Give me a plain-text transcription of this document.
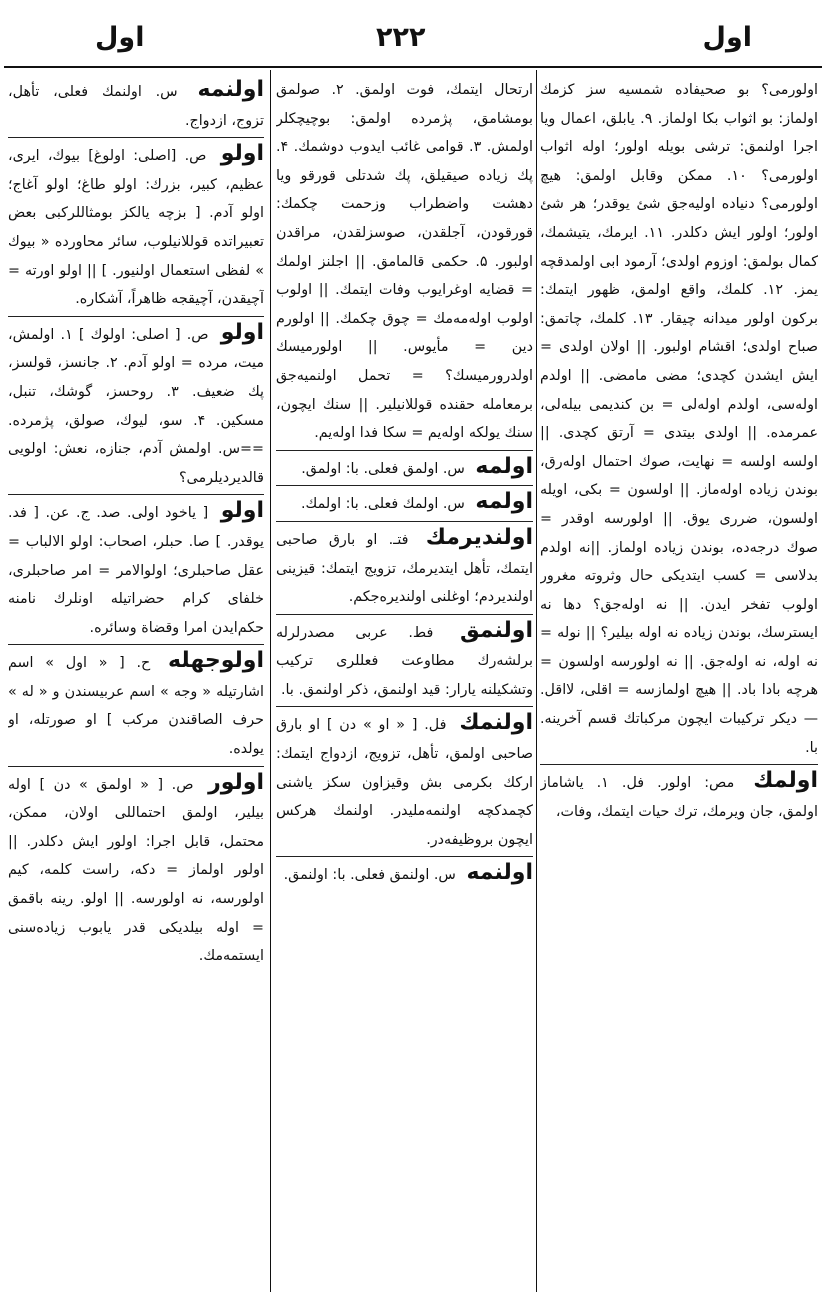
اول
۲۲۲
اول
اولورمى؟ بو صحيفاده شمسيه سز كزمك اولماز: بو اثواب بكا اولماز. ۹. يابلق، اعمال ويا اجرا اولنمق: ترشى بويله اولور؛ اوله اثواب اولورمى؟ ۱۰. ممكن وقابل اولمق: هيچ اولورمى؟ دنياده اوليه‌جق شئ يوقدر؛ هر شئ اولور؛ اولور ايش دكلدر. ۱۱. ايرمك، يتيشمك، كمال بولمق: اوزوم اولدى؛ آرمود ابى اولمدقچه يمز. ۱۲. كلمك، واقع اولمق، ظهور ايتمك: بركون اولور ميدانه چيقار. ۱۳. كلمك، چاتمق: صباح اولدى؛ اقشام اولبور. || اولان اولدى = ايش ايشدن كچدى؛ مضى مامضى. || اولدم اوله‌سى، اولدم اوله‌لى = بن كنديمى بيله‌لى، عمرمده. || اولدى بيتدى = آرتق كچدى. || اولسه اولسه = نهايت، صوك احتمال اوله‌رق، بوندن زياده اوله‌ماز. || اولسون = بكى، اويله اولسون، ضررى يوق. || اولورسه اوقدر = صوك درجه‌ده، بوندن زياده اولماز. ||نه اولدم بدلاسى = كسب ايتديكى حال وثروته مغرور اولوب تفخر ايدن. || نه اوله‌جق؟ دها نه ايسترسك، بوندن زياده نه اوله بيلير؟ || نوله = نه اوله، نه اوله‌جق. || نه اولورسه اولسون = هرچه بادا باد. || هيچ اولمازسه = اقلى، لااقل. — ديكر تركيبات ايچون مركباتك قسم آخرينه. با.
اولمك مص: اولور. فل. ۱. ياشاماز اولمق، جان ويرمك، ترك حيات ايتمك، وفات،
ارتحال ايتمك، فوت اولمق. ۲. صولمق بومشامق، پژمرده اولمق: بوچيچكلر اولمش. ۳. قوامى غائب ايدوب دوشمك. ۴. پك زياده صيقيلق، پك شدتلى قورقو ويا دهشت واضطراب وزحمت چكمك: قورقودن، آجلقدن، صوسزلقدن، مراقدن اولبور. ۵. حكمى قالمامق. || اجلنز اولمك = قضايه اوغرايوب وفات ايتمك. || اولوب اولوب اوله‌مه‌مك = چوق چكمك. || اولورم دين = مأيوس. || اولورميسك اولدرورميسك؟ = تحمل اولنميه‌جق برمعامله حقنده قوللانيلير. || سنك ايچون، سنك يولكه اوله‌يم = سكا فدا اوله‌يم.
اولمه س. اولمق فعلى. با: اولمق.
اولمه س. اولمك فعلى. با: اولمك.
اولنديرمك فتـ. او بارق صاحبى ايتمك، تأهل ايتديرمك، تزويج ايتمك: قيزينى اولنديردم؛ اوغلنى اولنديره‌جكم.
اولنمق فط. عربى مصدرلرله برلشه‌رك مطاوعت فعللرى تركيب وتشكيلنه يارار: قيد اولنمق، ذكر اولنمق. با.
اولنمك فل. [ « او » دن ] او بارق صاحبى اولمق، تأهل، تزويج، ازدواج ايتمك: اركك بكرمى بش وقيزاون سكز ياشنى كچمدكچه اولنمه‌مليدر. اولنمك هركس ايچون بروظيفه‌در.
اولنمه س. اولنمق فعلى. با: اولنمق.
اولنمه س. اولنمك فعلى، تأهل، تزوج، ازدواج.
اولو ص. [اصلى: اولوغ] بيوك، ايرى، عظيم، كبير، بزرك: اولو طاغ؛ اولو آغاج؛ اولو آدم. [ بزچه يالكز بومثاللركبى بعض تعبيراتده قوللانيلوب، سائر محاورده « بيوك » لفظى استعمال اولنيور. ] || اولو اورته = آچيقدن، آچيقجه ظاهراً، آشكاره.
اولو ص. [ اصلى: اولوك ] ۱. اولمش، ميت، مرده = اولو آدم. ۲. جانسز، قولسز، پك ضعيف. ۳. روحسز، گوشك، تنبل، مسكين. ۴. سو، ليوك، صولق، پژمرده. ==س. اولمش آدم، جنازه، نعش: اولويى قالديرديلرمى؟
اولو [ ياخود اولى. صد. ج. عن. [ فد. يوقدر. ] صا. حبلر، اصحاب: اولو الالباب = عقل صاحبلرى؛ اولوالامر = امر صاحبلرى، خلفاى كرام حضراتيله اونلرك نامنه حكم‌ايدن امرا وقضاة وسائره.
اولوجهله ح. [ « اول » اسم اشارتيله « وجه » اسم عربيسندن و « له » حرف الصاقندن مركب ] او صورتله، او يولده.
اولور ص. [ « اولمق » دن ] اوله بيلير، اولمق احتماللى اولان، ممكن، محتمل، قابل اجرا: اولور ايش دكلدر. || اولور اولماز = دكه، راست كلمه، كيم اولورسه، نه اولورسه. || اولو. رينه باقمق = اوله بيلديكى قدر يابوب زياده‌سنى ايستمه‌مك.
